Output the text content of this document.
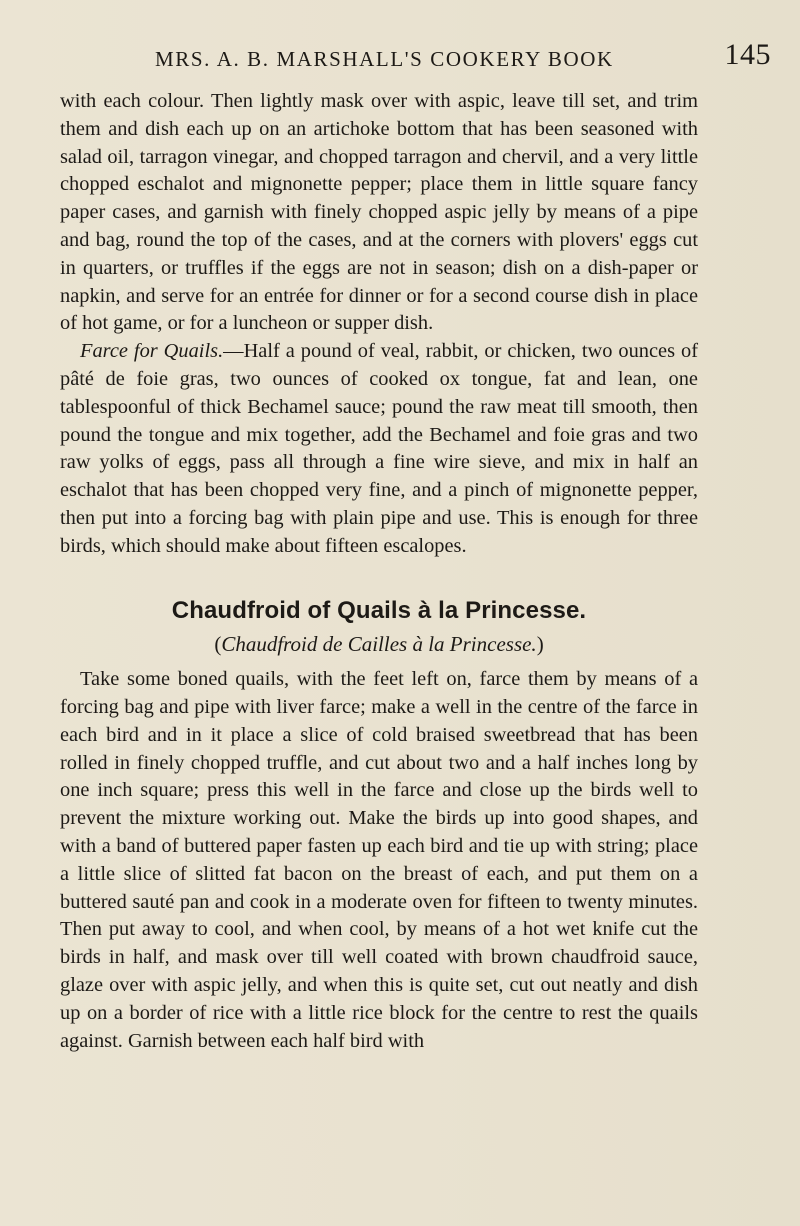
MRS. A. B. MARSHALL'S COOKERY BOOK	145

with each colour. Then lightly mask over with aspic, leave till set, and trim them and dish each up on an artichoke bottom that has been seasoned with salad oil, tarragon vinegar, and chopped tarragon and chervil, and a very little chopped eschalot and mignonette pepper; place them in little square fancy paper cases, and garnish with finely chopped aspic jelly by means of a pipe and bag, round the top of the cases, and at the corners with plovers' eggs cut in quarters, or truffles if the eggs are not in season; dish on a dish-paper or napkin, and serve for an entrée for dinner or for a second course dish in place of hot game, or for a luncheon or supper dish.

Farce for Quails.—Half a pound of veal, rabbit, or chicken, two ounces of pâté de foie gras, two ounces of cooked ox tongue, fat and lean, one tablespoonful of thick Bechamel sauce; pound the raw meat till smooth, then pound the tongue and mix together, add the Bechamel and foie gras and two raw yolks of eggs, pass all through a fine wire sieve, and mix in half an eschalot that has been chopped very fine, and a pinch of mignonette pepper, then put into a forcing bag with plain pipe and use. This is enough for three birds, which should make about fifteen escalopes.

Chaudfroid of Quails à la Princesse.
(Chaudfroid de Cailles à la Princesse.)

Take some boned quails, with the feet left on, farce them by means of a forcing bag and pipe with liver farce; make a well in the centre of the farce in each bird and in it place a slice of cold braised sweetbread that has been rolled in finely chopped truffle, and cut about two and a half inches long by one inch square; press this well in the farce and close up the birds well to prevent the mixture working out. Make the birds up into good shapes, and with a band of buttered paper fasten up each bird and tie up with string; place a little slice of slitted fat bacon on the breast of each, and put them on a buttered sauté pan and cook in a moderate oven for fifteen to twenty minutes. Then put away to cool, and when cool, by means of a hot wet knife cut the birds in half, and mask over till well coated with brown chaudfroid sauce, glaze over with aspic jelly, and when this is quite set, cut out neatly and dish up on a border of rice with a little rice block for the centre to rest the quails against. Garnish between each half bird with
